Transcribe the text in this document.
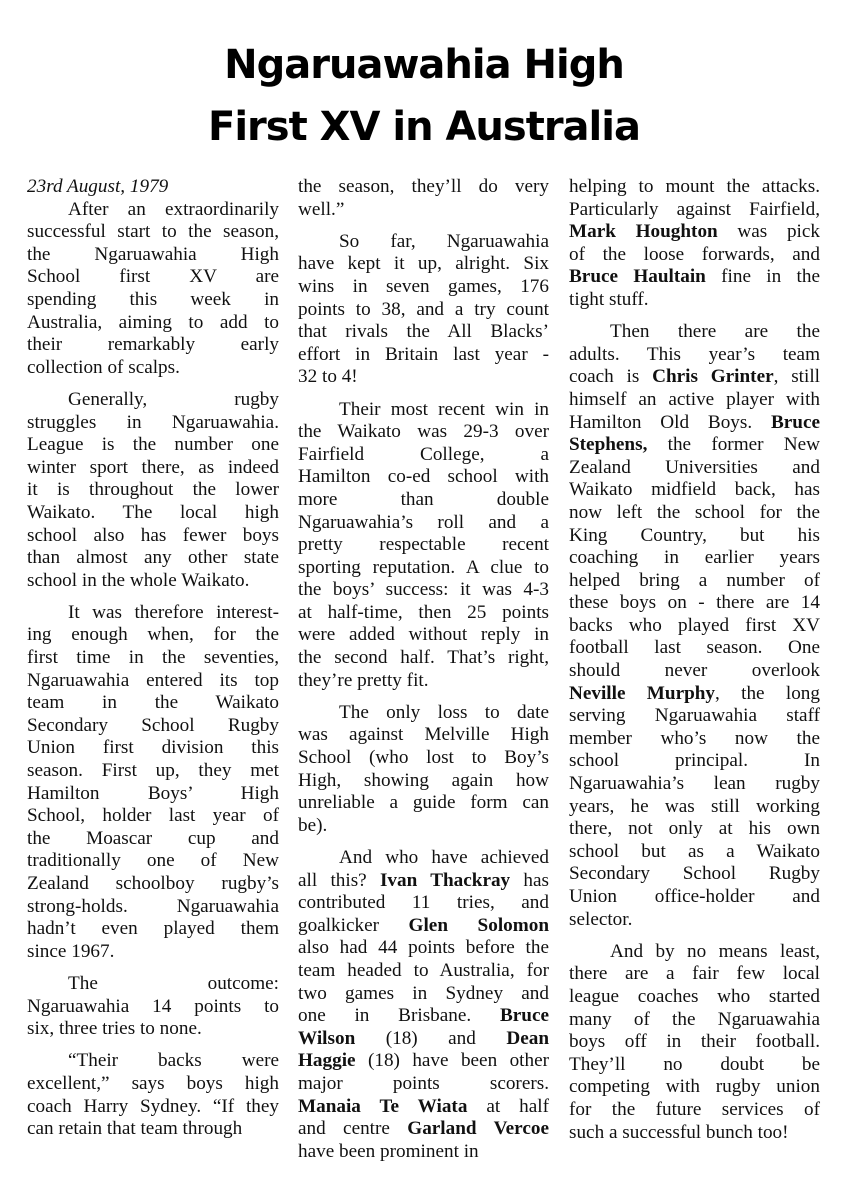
Ngaruawahia High
First XV in Australia
23rd August, 1979
After an extraordinarily
successful start to the season,
the Ngaruawahia High
School first XV are
spending this week in
Australia, aiming to add to
their remarkably early
collection of scalps.
Generally, rugby
struggles in Ngaruawahia.
League is the number one
winter sport there, as indeed
it is throughout the lower
Waikato. The local high
school also has fewer boys
than almost any other state
school in the whole Waikato.
It was therefore interest-
ing enough when, for the
first time in the seventies,
Ngaruawahia entered its top
team in the Waikato
Secondary School Rugby
Union first division this
season. First up, they met
Hamilton Boys’ High
School, holder last year of
the Moascar cup and
traditionally one of New
Zealand schoolboy rugby’s
strong-holds. Ngaruawahia
hadn’t even played them
since 1967.
The outcome:
Ngaruawahia 14 points to
six, three tries to none.
“Their backs were
excellent,” says boys high
coach Harry Sydney. “If they
can retain that team through
the season, they’ll do very
well.”
So far, Ngaruawahia
have kept it up, alright. Six
wins in seven games, 176
points to 38, and a try count
that rivals the All Blacks’
effort in Britain last year -
32 to 4!
Their most recent win in
the Waikato was 29-3 over
Fairfield College, a
Hamilton co-ed school with
more than double
Ngaruawahia’s roll and a
pretty respectable recent
sporting reputation. A clue to
the boys’ success: it was 4-3
at half-time, then 25 points
were added without reply in
the second half. That’s right,
they’re pretty fit.
The only loss to date
was against Melville High
School (who lost to Boy’s
High, showing again how
unreliable a guide form can
be).
And who have achieved
all this? Ivan Thackray has
contributed 11 tries, and
goalkicker Glen Solomon
also had 44 points before the
team headed to Australia, for
two games in Sydney and
one in Brisbane. Bruce
Wilson (18) and Dean
Haggie (18) have been other
major points scorers.
Manaia Te Wiata at half
and centre Garland Vercoe
have been prominent in
helping to mount the attacks.
Particularly against Fairfield,
Mark Houghton was pick
of the loose forwards, and
Bruce Haultain fine in the
tight stuff.
Then there are the
adults. This year’s team
coach is Chris Grinter, still
himself an active player with
Hamilton Old Boys. Bruce
Stephens, the former New
Zealand Universities and
Waikato midfield back, has
now left the school for the
King Country, but his
coaching in earlier years
helped bring a number of
these boys on - there are 14
backs who played first XV
football last season. One
should never overlook
Neville Murphy, the long
serving Ngaruawahia staff
member who’s now the
school principal. In
Ngaruawahia’s lean rugby
years, he was still working
there, not only at his own
school but as a Waikato
Secondary School Rugby
Union office-holder and
selector.
And by no means least,
there are a fair few local
league coaches who started
many of the Ngaruawahia
boys off in their football.
They’ll no doubt be
competing with rugby union
for the future services of
such a successful bunch too!
